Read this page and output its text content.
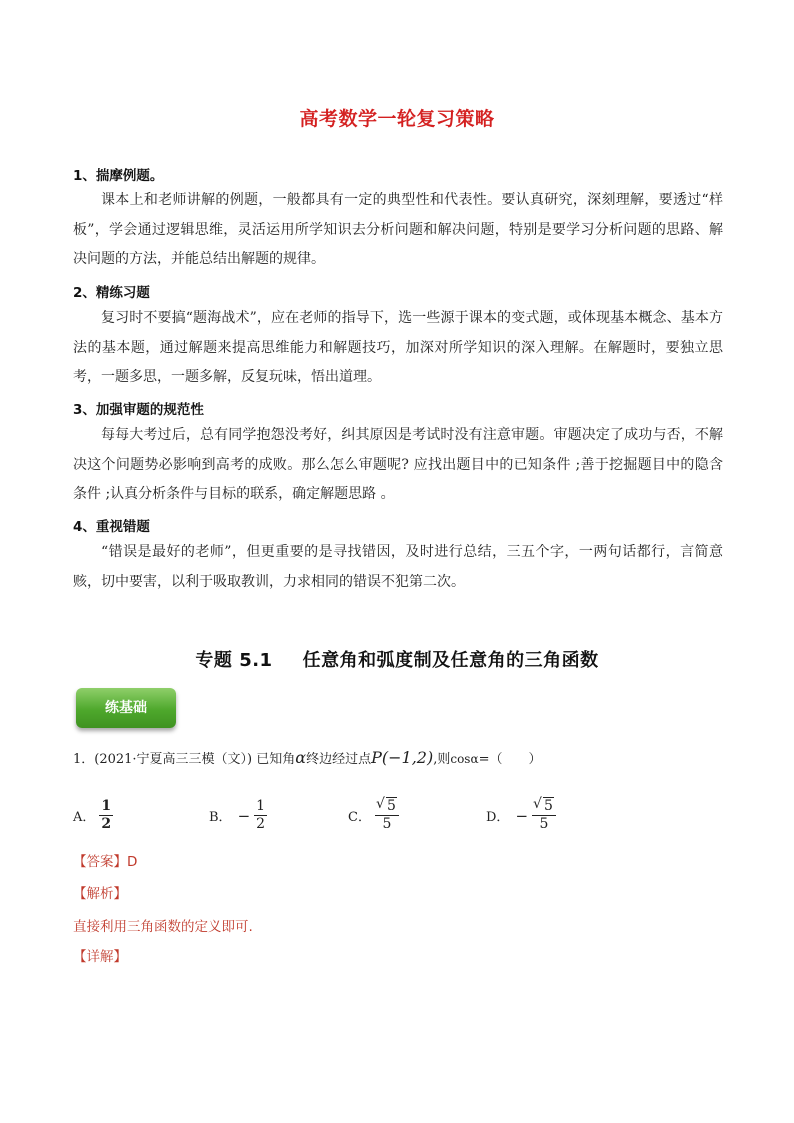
高考数学一轮复习策略
1、揣摩例题。

课本上和老师讲解的例题，一般都具有一定的典型性和代表性。要认真研究，深刻理解，要透过“样板”，学会通过逻辑思维，灵活运用所学知识去分析问题和解决问题，特别是要学习分析问题的思路、解决问题的方法，并能总结出解题的规律。

2、精练习题

复习时不要搞“题海战术”，应在老师的指导下，选一些源于课本的变式题，或体现基本概念、基本方法的基本题，通过解题来提高思维能力和解题技巧，加深对所学知识的深入理解。在解题时，要独立思考，一题多思，一题多解，反复玩味，悟出道理。

3、加强审题的规范性

每每大考过后，总有同学抱怨没考好，纠其原因是考试时没有注意审题。审题决定了成功与否，不解决这个问题势必影响到高考的成败。那么怎么审题呢? 应找出题目中的已知条件 ;善于挖掘题目中的隐含条件 ;认真分析条件与目标的联系，确定解题思路 。

4、重视错题

“错误是最好的老师”，但更重要的是寻找错因，及时进行总结，三五个字，一两句话都行，言简意赅，切中要害，以利于吸取教训，力求相同的错误不犯第二次。

专题 5.1 任意角和弧度制及任意角的三角函数
练基础
1．(2021·宁夏高三三模（文）) 已知角α终边经过点P(−1,2),则cosα=（　　）
A． $\frac{1}{2}$	B． − $\frac{1}{2}$	C． √ $\frac{5}{5}$	D． − √ $\frac{5}{5}$
【答案】D
【解析】
直接利用三角函数的定义即可.
【详解】
